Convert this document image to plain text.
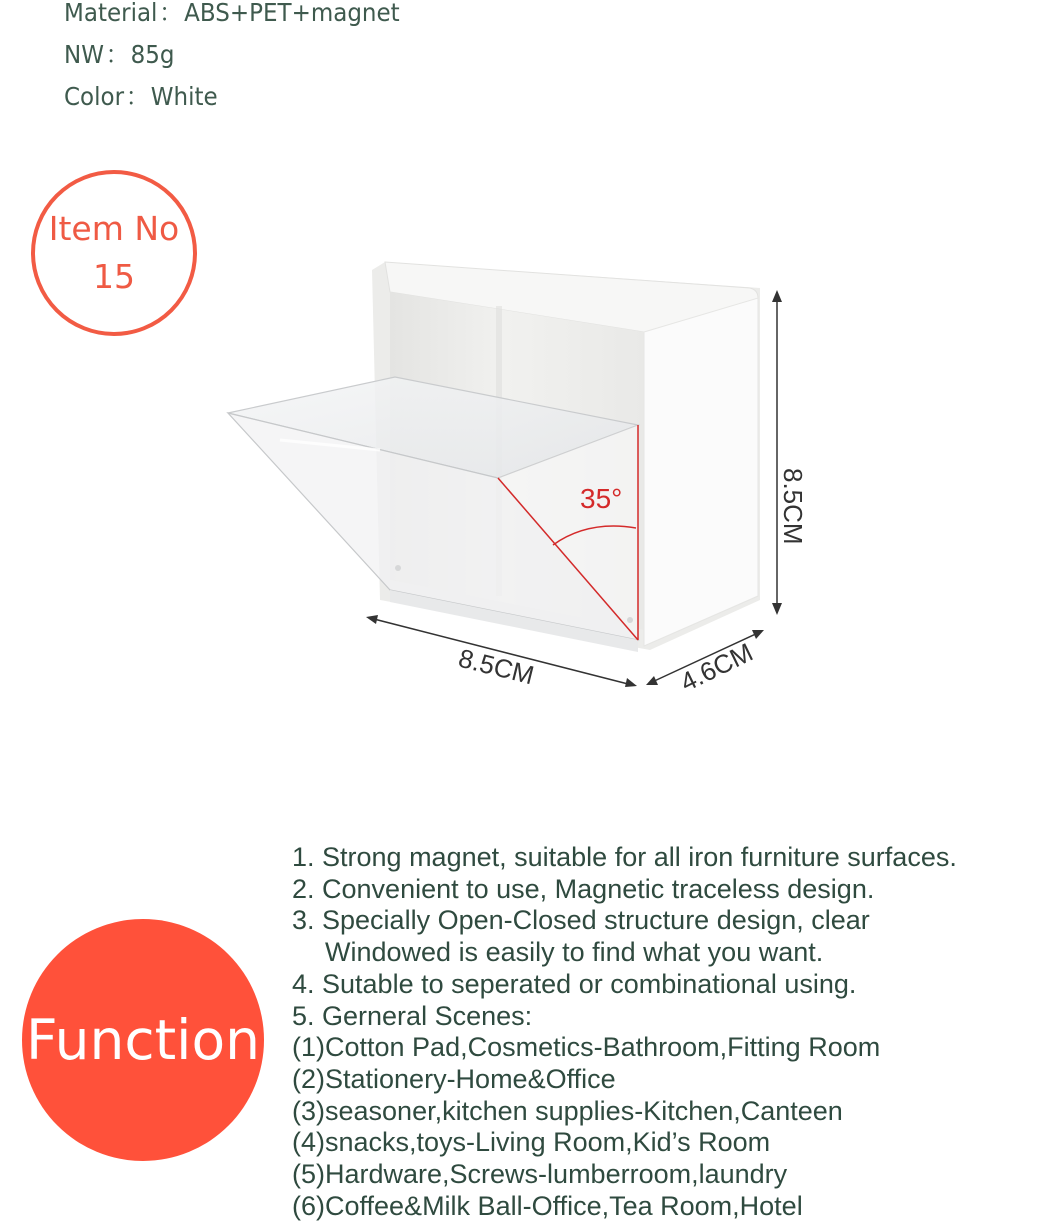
Material：ABS+PET+magnet
NW：85g
Color：White
Item No
15
35°	8.5CM
8.5CM	4.6CM
Function
1. Strong magnet, suitable for all iron furniture surfaces.
2. Convenient to use, Magnetic traceless design.
3. Specially Open-Closed structure design, clear
Windowed is easily to find what you want.
4. Sutable to seperated or combinational using.
5. Gerneral Scenes:
(1)Cotton Pad,Cosmetics-Bathroom,Fitting Room
(2)Stationery-Home&Office
(3)seasoner,kitchen supplies-Kitchen,Canteen
(4)snacks,toys-Living Room,Kid’s Room
(5)Hardware,Screws-lumberroom,laundry
(6)Coffee&Milk Ball-Office,Tea Room,Hotel
